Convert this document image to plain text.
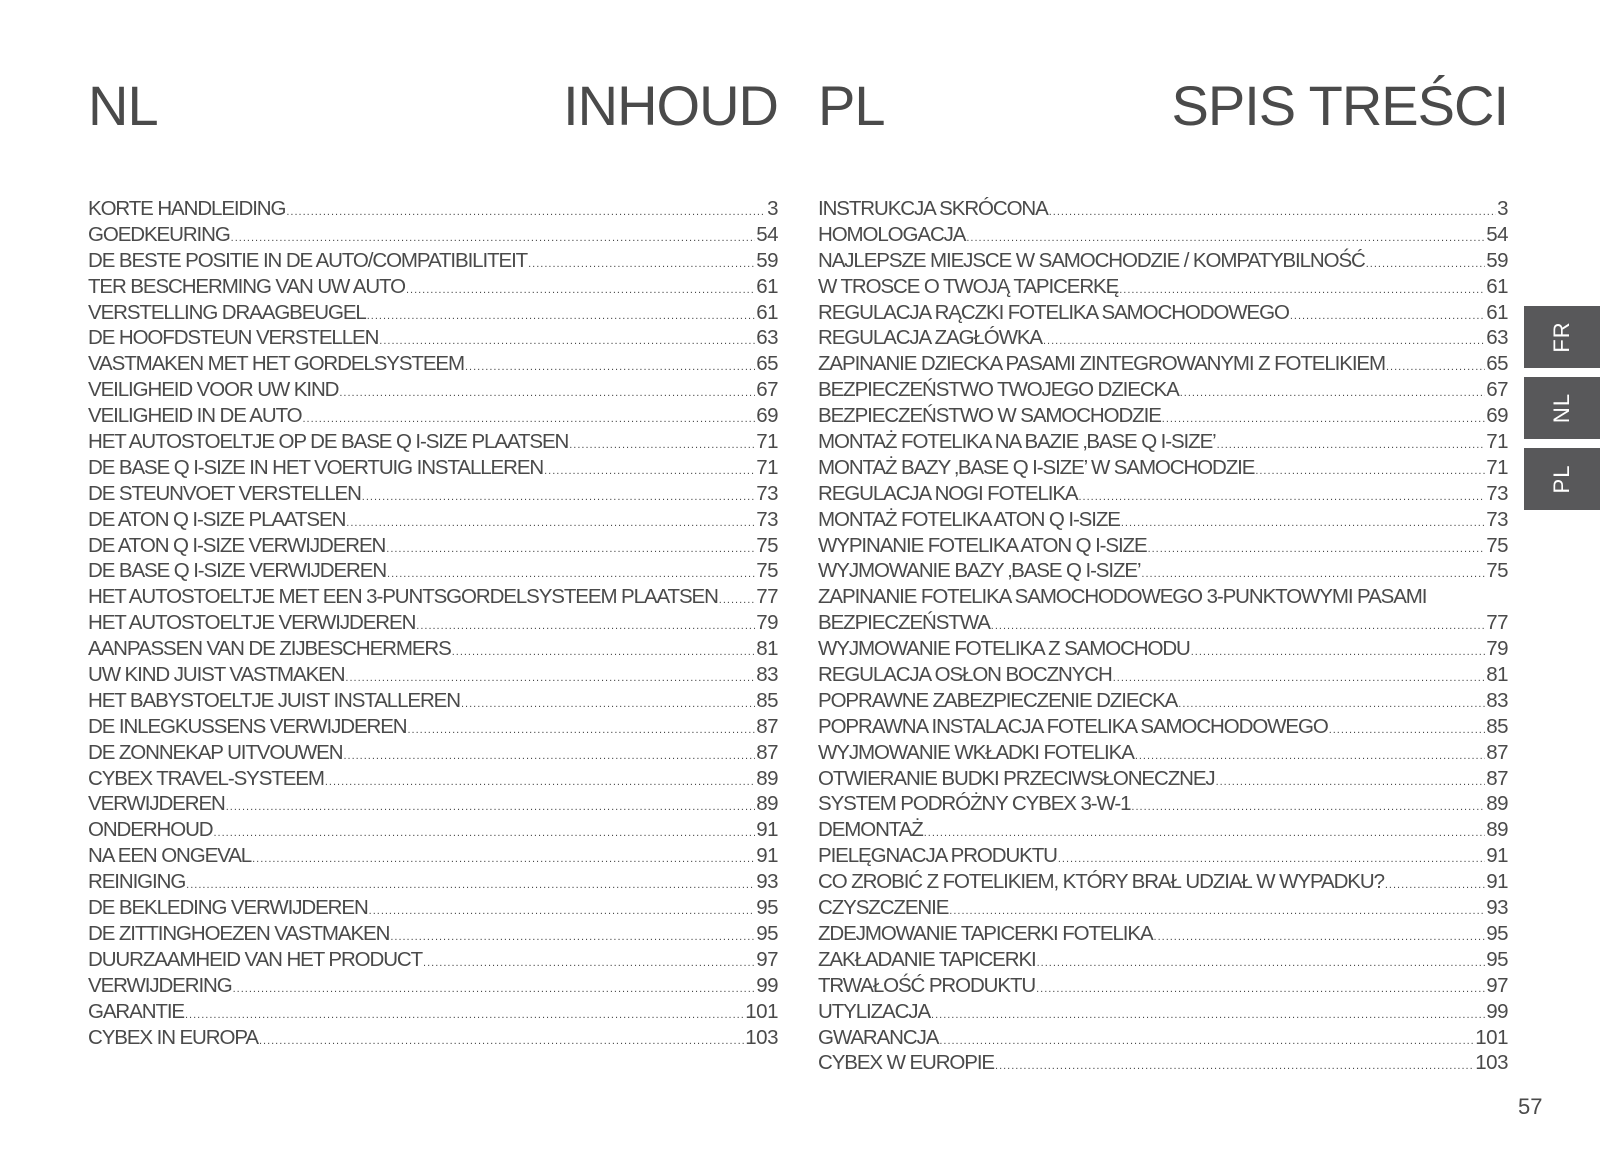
NL	INHOUD
KORTE HANDLEIDING .....	3
GOEDKEURING .....	54
DE BESTE POSITIE IN DE AUTO/COMPATIBILITEIT .....	59
TER BESCHERMING VAN UW AUTO .....	61
VERSTELLING DRAAGBEUGEL .....	61
DE HOOFDSTEUN VERSTELLEN .....	63
VASTMAKEN MET HET GORDELSYSTEEM .....	65
VEILIGHEID VOOR UW KIND .....	67
VEILIGHEID IN DE AUTO .....	69
HET AUTOSTOELTJE OP DE BASE Q I-SIZE PLAATSEN .....	71
DE BASE Q I-SIZE IN HET VOERTUIG INSTALLEREN .....	71
DE STEUNVOET VERSTELLEN .....	73
DE ATON Q I-SIZE PLAATSEN .....	73
DE ATON Q I-SIZE VERWIJDEREN .....	75
DE BASE Q I-SIZE VERWIJDEREN .....	75
HET AUTOSTOELTJE MET EEN 3-PUNTSGORDELSYSTEEM PLAATSEN ..... 77
HET AUTOSTOELTJE VERWIJDEREN .....	79
AANPASSEN VAN DE ZIJBESCHERMERS .....	81
UW KIND JUIST VASTMAKEN .....	83
HET BABYSTOELTJE JUIST INSTALLEREN .....	85
DE INLEGKUSSENS VERWIJDEREN .....	87
DE ZONNEKAP UITVOUWEN .....	87
CYBEX TRAVEL-SYSTEEM .....	89
VERWIJDEREN .....	89
ONDERHOUD .....	91
NA EEN ONGEVAL .....	91
REINIGING .....	93
DE BEKLEDING VERWIJDEREN .....	95
DE ZITTINGHOEZEN VASTMAKEN .....	95
DUURZAAMHEID VAN HET PRODUCT .....	97
VERWIJDERING .....	99
GARANTIE .....	101
CYBEX IN EUROPA .....	103
PL	SPIS TREŚCI
INSTRUKCJA SKRÓCONA .....	3
HOMOLOGACJA .....	54
NAJLEPSZE MIEJSCE W SAMOCHODZIE / KOMPATYBILNOŚĆ .....	59
W TROSCE O TWOJĄ TAPICERKĘ .....	61
REGULACJA RĄCZKI FOTELIKA SAMOCHODOWEGO .....	61
REGULACJA ZAGŁÓWKA .....	63
ZAPINANIE DZIECKA PASAMI ZINTEGROWANYMI Z FOTELIKIEM .....	65
BEZPIECZEŃSTWO TWOJEGO DZIECKA .....	67
BEZPIECZEŃSTWO W SAMOCHODZIE .....	69
MONTAŻ FOTELIKA NA BAZIE ‚BASE Q I-SIZE’ .....	71
MONTAŻ BAZY ‚BASE Q I-SIZE’ W SAMOCHODZIE .....	71
REGULACJA NOGI FOTELIKA .....	73
MONTAŻ FOTELIKA ATON Q I-SIZE .....	73
WYPINANIE FOTELIKA ATON Q I-SIZE .....	75
WYJMOWANIE BAZY ‚BASE Q I-SIZE’ .....	75
ZAPINANIE FOTELIKA SAMOCHODOWEGO 3-PUNKTOWYMI PASAMI
BEZPIECZEŃSTWA .....	77
WYJMOWANIE FOTELIKA Z SAMOCHODU .....	79
REGULACJA OSŁON BOCZNYCH .....	81
POPRAWNE ZABEZPIECZENIE DZIECKA .....	83
POPRAWNA INSTALACJA FOTELIKA SAMOCHODOWEGO .....	85
WYJMOWANIE WKŁADKI FOTELIKA .....	87
OTWIERANIE BUDKI PRZECIWSŁONECZNEJ .....	87
SYSTEM PODRÓŻNY CYBEX 3-W-1 .....	89
DEMONTAŻ .....	89
PIELĘGNACJA PRODUKTU .....	91
CO ZROBIĆ Z FOTELIKIEM, KTÓRY BRAŁ UDZIAŁ W WYPADKU? .....	91
CZYSZCZENIE .....	93
ZDEJMOWANIE TAPICERKI FOTELIKA .....	95
ZAKŁADANIE TAPICERKI .....	95
TRWAŁOŚĆ PRODUKTU .....	97
UTYLIZACJA .....	99
GWARANCJA .....	101
CYBEX W EUROPIE .....	103
FR
NL
PL
57
